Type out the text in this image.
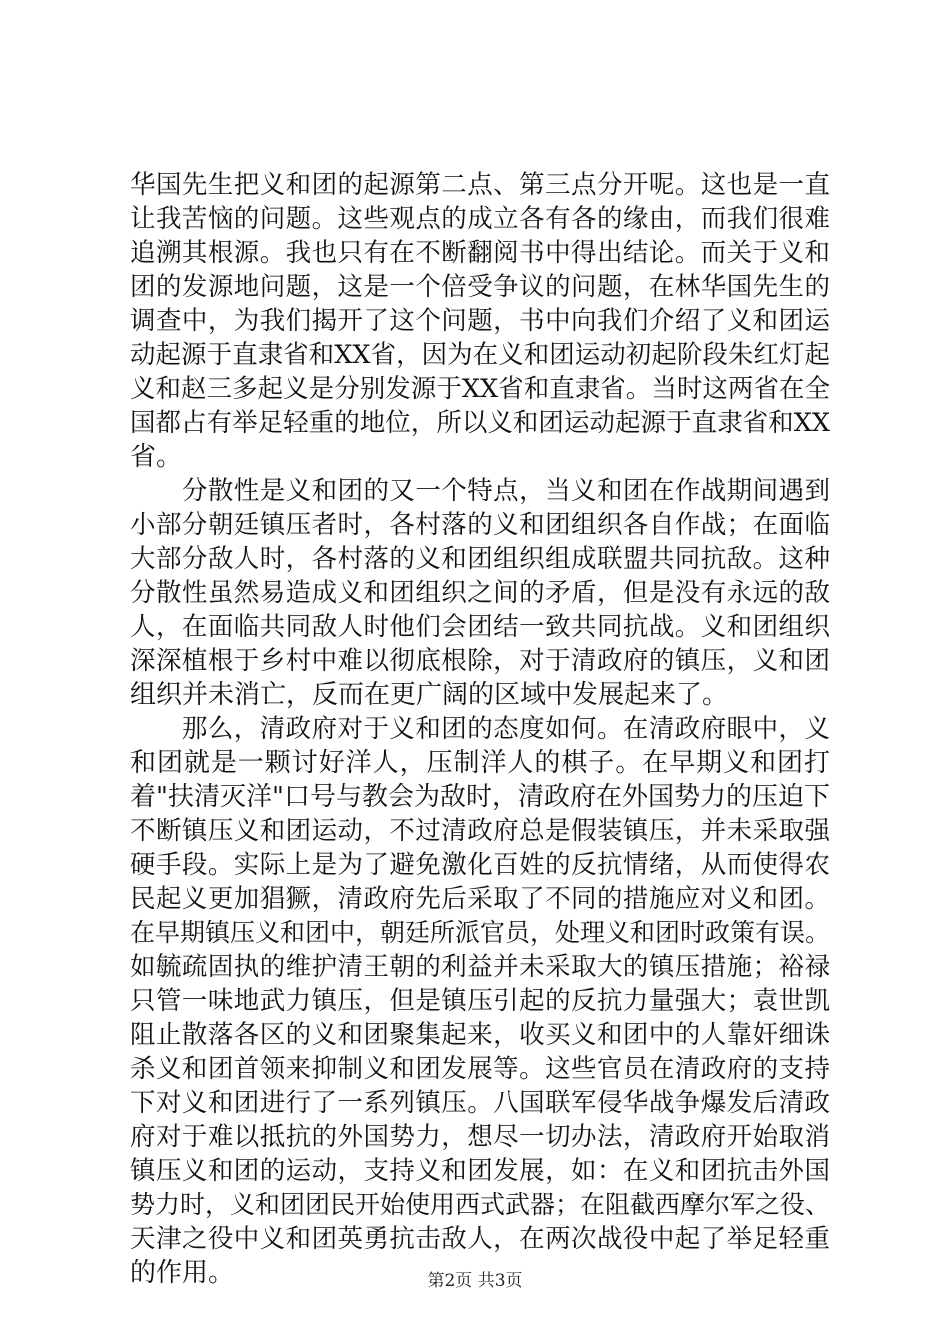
华国先生把义和团的起源第二点、第三点分开呢。这也是一直
让我苦恼的问题。这些观点的成立各有各的缘由，而我们很难
追溯其根源。我也只有在不断翻阅书中得出结论。而关于义和
团的发源地问题，这是一个倍受争议的问题，在林华国先生的
调查中，为我们揭开了这个问题，书中向我们介绍了义和团运
动起源于直隶省和XX省，因为在义和团运动初起阶段朱红灯起
义和赵三多起义是分别发源于XX省和直隶省。当时这两省在全
国都占有举足轻重的地位，所以义和团运动起源于直隶省和XX
省。
　　分散性是义和团的又一个特点，当义和团在作战期间遇到
小部分朝廷镇压者时，各村落的义和团组织各自作战；在面临
大部分敌人时，各村落的义和团组织组成联盟共同抗敌。这种
分散性虽然易造成义和团组织之间的矛盾，但是没有永远的敌
人，在面临共同敌人时他们会团结一致共同抗战。义和团组织
深深植根于乡村中难以彻底根除，对于清政府的镇压，义和团
组织并未消亡，反而在更广阔的区域中发展起来了。
　　那么，清政府对于义和团的态度如何。在清政府眼中，义
和团就是一颗讨好洋人，压制洋人的棋子。在早期义和团打
着"扶清灭洋"口号与教会为敌时，清政府在外国势力的压迫下
不断镇压义和团运动，不过清政府总是假装镇压，并未采取强
硬手段。实际上是为了避免激化百姓的反抗情绪，从而使得农
民起义更加猖獗，清政府先后采取了不同的措施应对义和团。
在早期镇压义和团中，朝廷所派官员，处理义和团时政策有误。
如毓疏固执的维护清王朝的利益并未采取大的镇压措施；裕禄
只管一味地武力镇压，但是镇压引起的反抗力量强大；袁世凯
阻止散落各区的义和团聚集起来，收买义和团中的人靠奸细诛
杀义和团首领来抑制义和团发展等。这些官员在清政府的支持
下对义和团进行了一系列镇压。八国联军侵华战争爆发后清政
府对于难以抵抗的外国势力，想尽一切办法，清政府开始取消
镇压义和团的运动，支持义和团发展，如：在义和团抗击外国
势力时，义和团团民开始使用西式武器；在阻截西摩尔军之役、
天津之役中义和团英勇抗击敌人，在两次战役中起了举足轻重
的作用。	第2页 共3页
